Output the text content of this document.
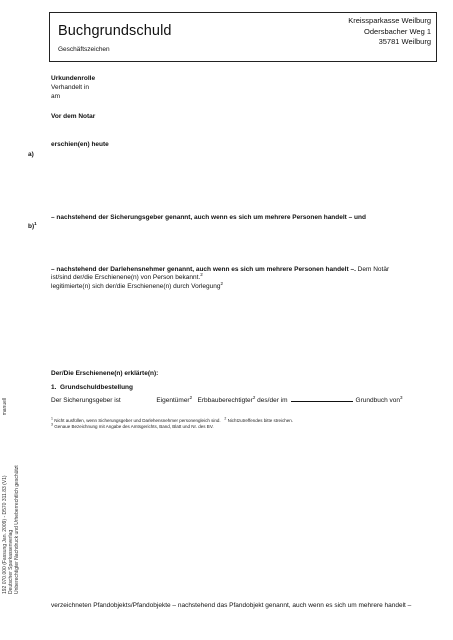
Buchgrundschuld
Geschäftszeichen
Kreissparkasse Weilburg
Odersbacher Weg 1
35781 Weilburg
Urkundenrolle
Verhandelt in
am
Vor dem Notar
erschien(en) heute
a)
– nachstehend der Sicherungsgeber genannt, auch wenn es sich um mehrere Personen handelt – und
b)$^1$
– nachstehend der Darlehensnehmer genannt, auch wenn es sich um mehrere Personen handelt –. Dem Notär
ist/sind der/die Erschienene(n) von Person bekannt.$^2$
legitimierte(n) sich der/die Erschienene(n) durch Vorlegung$^2$
Der/Die Erschienene(n) erklärte(n):
1. Grundschuldbestellung
Der Sicherungsgeber ist	Eigentümer$^2$ Erbbauberechtigter$^2$ des/der im	Grundbuch von$^3$
$^1$ Nicht ausfüllen, wenn Sicherungsgeber und Darlehensnehmer personengleich sind. $^2$ Nichtzutreffendes bitte streichen.
$^3$ Genaue Bezeichnung mit Angabe des Amtsgerichts, Band, Blatt und Nr. des BV.
verzeichneten Pfandobjekts/Pfandobjekte – nachstehend das Pfandobjekt genannt, auch wenn es sich um mehrere handelt –
192 070.000 (Fassung Jan. 2009) - D570 311.83 (V1)manuell
Deutscher Sparkassenverlag Unberechtigter Nachdruck und Urheberrechtlich geschützt
